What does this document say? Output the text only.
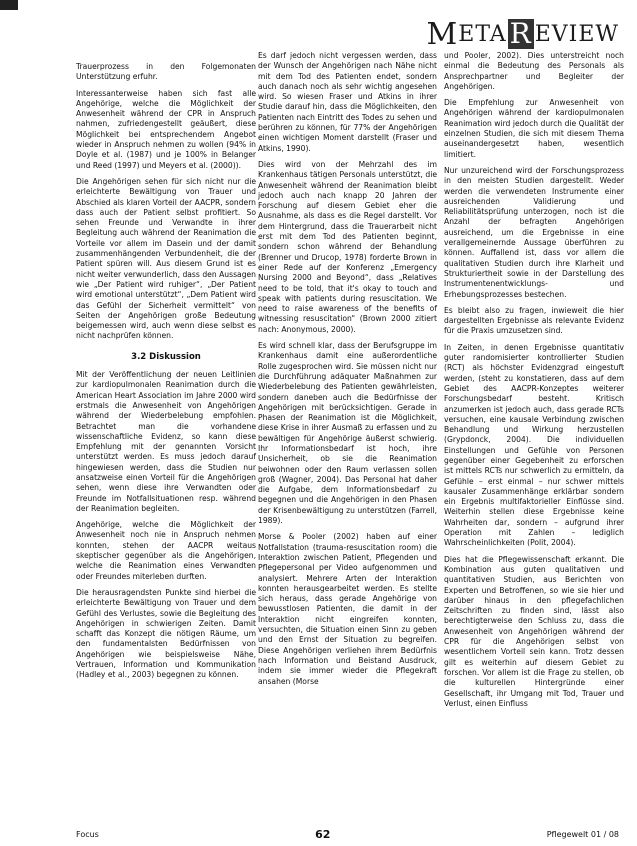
M ETA R EVIEW

Trauerprozess in den Folgemonaten Unterstützung erfuhr.

Interessanterweise haben sich fast alle Angehörige, welche die Möglichkeit der Anwesenheit während der CPR in Anspruch nahmen, zufriedengestellt geäußert, diese Möglichkeit bei entsprechendem Angebot wieder in Anspruch nehmen zu wollen (94% in Doyle et al. (1987) und je 100% in Belanger und Reed (1997) und Meyers et al. (2000)).

Die Angehörigen sehen für sich nicht nur die erleichterte Bewältigung von Trauer und Abschied als klaren Vorteil der AACPR, sondern dass auch der Patient selbst profitiert. So sehen Freunde und Verwandte in ihrer Begleitung auch während der Reanimation die Vorteile vor allem im Dasein und der damit zusammenhängenden Verbundenheit, die der Patient spüren will. Aus diesem Grund ist es nicht weiter verwunderlich, dass den Aussagen wie „Der Patient wird ruhiger“, „Der Patient wird emotional unterstützt“, „Dem Patient wird das Gefühl der Sicherheit vermittelt“ von Seiten der Angehörigen große Bedeutung beigemessen wird, auch wenn diese selbst es nicht nachprüfen können.

3.2 Diskussion

Mit der Veröffentlichung der neuen Leitlinien zur kardiopulmonalen Reanimation durch die American Heart Association im Jahre 2000 wird erstmals die Anwesenheit von Angehörigen während der Wiederbelebung empfohlen. Betrachtet man die vorhandene wissenschaftliche Evidenz, so kann diese Empfehlung mit der genannten Vorsicht unterstützt werden. Es muss jedoch darauf hingewiesen werden, dass die Studien nur ansatzweise einen Vorteil für die Angehörigen sehen, wenn diese ihre Verwandten oder Freunde im Notfallsituationen resp. während der Reanimation begleiten.

Angehörige, welche die Möglichkeit der Anwesenheit noch nie in Anspruch nehmen konnten, stehen der AACPR weitaus skeptischer gegenüber als die Angehörigen, welche die Reanimation eines Verwandten oder Freundes miterleben durften.

Die herausragendsten Punkte sind hierbei die erleichterte Bewältigung von Trauer und dem Gefühl des Verlustes, sowie die Begleitung des Angehörigen in schwierigen Zeiten. Damit schafft das Konzept die nötigen Räume, um den fundamentalsten Bedürfnissen von Angehörigen wie beispielsweise Nähe, Vertrauen, Information und Kommunikation (Hadley et al., 2003) begegnen zu können.

Es darf jedoch nicht vergessen werden, dass der Wunsch der Angehörigen nach Nähe nicht mit dem Tod des Patienten endet, sondern auch danach noch als sehr wichtig angesehen wird. So wiesen Fraser und Atkins in ihrer Studie darauf hin, dass die Möglichkeiten, den Patienten nach Eintritt des Todes zu sehen und berühren zu können, für 77% der Angehörigen einen wichtigen Moment darstellt (Fraser und Atkins, 1990).

Dies wird von der Mehrzahl des im Krankenhaus tätigen Personals unterstützt, die Anwesenheit während der Reanimation bleibt jedoch auch nach knapp 20 Jahren der Forschung auf diesem Gebiet eher die Ausnahme, als dass es die Regel darstellt. Vor dem Hintergrund, dass die Trauerarbeit nicht erst mit dem Tod des Patienten beginnt, sondern schon während der Behandlung (Brenner und Drucop, 1978) forderte Brown in einer Rede auf der Konferenz „Emergency Nursing 2000 and Beyond“, dass „Relatives need to be told, that it's okay to touch and speak with patients during resuscitation. We need to raise awareness of the benefits of witnessing resuscitation“ (Brown 2000 zitiert nach: Anonymous, 2000).

Es wird schnell klar, dass der Berufsgruppe im Krankenhaus damit eine außerordentliche Rolle zugesprochen wird. Sie müssen nicht nur die Durchführung adäquater Maßnahmen zur Wiederbelebung des Patienten gewährleisten, sondern daneben auch die Bedürfnisse der Angehörigen mit berücksichtigen. Gerade in Phasen der Reanimation ist die Möglichkeit, diese Krise in ihrer Ausmaß zu erfassen und zu bewältigen für Angehörige äußerst schwierig. Ihr Informationsbedarf ist hoch, ihre Unsicherheit, ob sie die Reanimation beiwohnen oder den Raum verlassen sollen groß (Wagner, 2004). Das Personal hat daher die Aufgabe, dem Informationsbedarf zu begegnen und die Angehörigen in den Phasen der Krisenbewältigung zu unterstützen (Farrell, 1989).

Morse & Pooler (2002) haben auf einer Notfallstation (trauma-resuscitation room) die Interaktion zwischen Patient, Pflegenden und Pflegepersonal per Video aufgenommen und analysiert. Mehrere Arten der Interaktion konnten herausgearbeitet werden. Es stellte sich heraus, dass gerade Angehörige von bewusstlosen Patienten, die damit in der Interaktion nicht eingreifen konnten, versuchten, die Situation einen Sinn zu geben und den Ernst der Situation zu begreifen. Diese Angehörigen verliehen ihrem Bedürfnis nach Information und Beistand Ausdruck, indem sie immer wieder die Pflegekraft ansahen (Morse

und Pooler, 2002). Dies unterstreicht noch einmal die Bedeutung des Personals als Ansprechpartner und Begleiter der Angehörigen.

Die Empfehlung zur Anwesenheit von Angehörigen während der kardiopulmonalen Reanimation wird jedoch durch die Qualität der einzelnen Studien, die sich mit diesem Thema auseinandergesetzt haben, wesentlich limitiert.

Nur unzureichend wird der Forschungsprozess in den meisten Studien dargestellt. Weder werden die verwendeten Instrumente einer ausreichenden Validierung und Reliabilitätsprüfung unterzogen, noch ist die Anzahl der befragten Angehörigen ausreichend, um die Ergebnisse in eine verallgemeinernde Aussage überführen zu können. Auffallend ist, dass vor allem die qualitativen Studien durch ihre Klarheit und Strukturiertheit sowie in der Darstellung des Instrumentenentwicklungs- und Erhebungsprozesses bestechen.

Es bleibt also zu fragen, inwieweit die hier dargestellten Ergebnisse als relevante Evidenz für die Praxis umzusetzen sind.

In Zeiten, in denen Ergebnisse quantitativ guter randomisierter kontrollierter Studien (RCT) als höchster Evidenzgrad eingestuft werden, (steht zu konstatieren, dass auf dem Gebiet des AACPR-Konzeptes weiterer Forschungsbedarf besteht. Kritisch anzumerken ist jedoch auch, dass gerade RCTs versuchen, eine kausale Verbindung zwischen Behandlung und Wirkung herzustellen (Grypdonck, 2004). Die individuellen Einstellungen und Gefühle von Personen gegenüber einer Gegebenheit zu erforschen ist mittels RCTs nur schwerlich zu ermitteln, da Gefühle – erst einmal – nur schwer mittels kausaler Zusammenhänge erklärbar sondern ein Ergebnis multifaktorieller Einflüsse sind. Weiterhin stellen diese Ergebnisse keine Wahrheiten dar, sondern – aufgrund ihrer Operation mit Zahlen – lediglich Wahrscheinlichkeiten (Polit, 2004).

Dies hat die Pflegewissenschaft erkannt. Die Kombination aus guten qualitativen und quantitativen Studien, aus Berichten von Experten und Betroffenen, so wie sie hier und darüber hinaus in den pflegefachlichen Zeitschriften zu finden sind, lässt also berechtigterweise den Schluss zu, dass die Anwesenheit von Angehörigen während der CPR für die Angehörigen selbst von wesentlichem Vorteil sein kann. Trotz dessen gilt es weiterhin auf diesem Gebiet zu forschen. Vor allem ist die Frage zu stellen, ob die kulturellen Hintergründe einer Gesellschaft, ihr Umgang mit Tod, Trauer und Verlust, einen Einfluss

Focus	62	Pflegewelt 01 / 08
